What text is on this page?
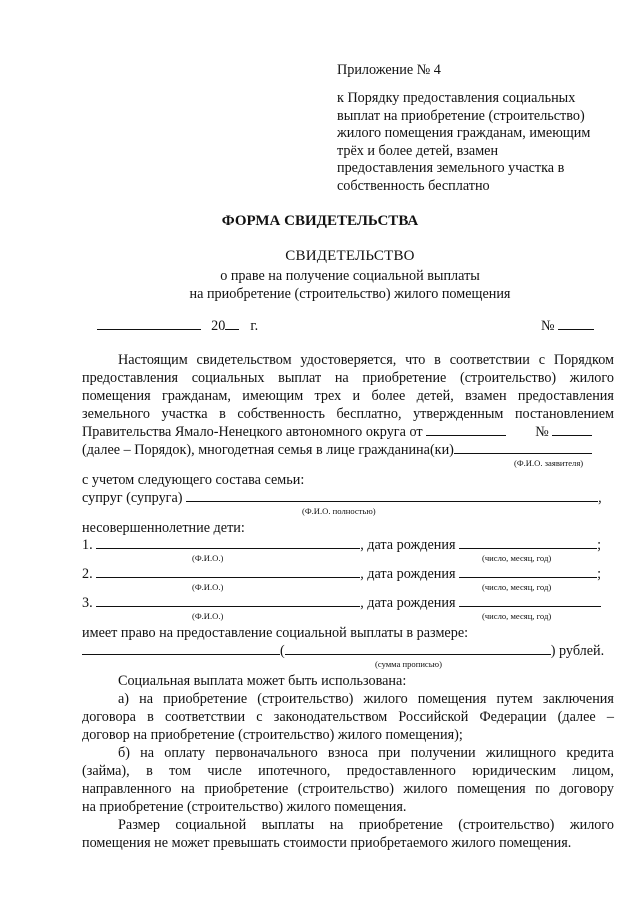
Приложение № 4
к Порядку предоставления социальных
выплат на приобретение (строительство)
жилого помещения гражданам, имеющим
трёх и более детей, взамен
предоставления земельного участка в
собственность бесплатно
ФОРМА СВИДЕТЕЛЬСТВА
СВИДЕТЕЛЬСТВО
о праве на получение социальной выплаты
на приобретение (строительство) жилого помещения
20 г.	№
Настоящим свидетельством удостоверяется, что в соответствии с Порядком
предоставления социальных выплат на приобретение (строительство) жилого
помещения гражданам, имеющим трех и более детей, взамен предоставления
земельного участка в собственность бесплатно, утвержденным постановлением
Правительства Ямало-Ненецкого автономного округа от	№
(далее – Порядок), многодетная семья в лице гражданина(ки)
(Ф.И.О. заявителя)
с учетом следующего состава семьи:
супруг (супруга)	,
(Ф.И.О. полностью)
несовершеннолетние дети:
1.	, дата рождения	;
(Ф.И.О.)	(число, месяц, год)
2.	, дата рождения	;
(Ф.И.О.)	(число, месяц, год)
3.	, дата рождения
(Ф.И.О.)	(число, месяц, год)
имеет право на предоставление социальной выплаты в размере:
(	) рублей.
(сумма прописью)
Социальная выплата может быть использована:
а) на приобретение (строительство) жилого помещения путем заключения
договора в соответствии с законодательством Российской Федерации (далее –
договор на приобретение (строительство) жилого помещения);
б) на оплату первоначального взноса при получении жилищного кредита
(займа), в том числе ипотечного, предоставленного юридическим лицом,
направленного на приобретение (строительство) жилого помещения по договору
на приобретение (строительство) жилого помещения.
Размер социальной выплаты на приобретение (строительство) жилого
помещения не может превышать стоимости приобретаемого жилого помещения.
